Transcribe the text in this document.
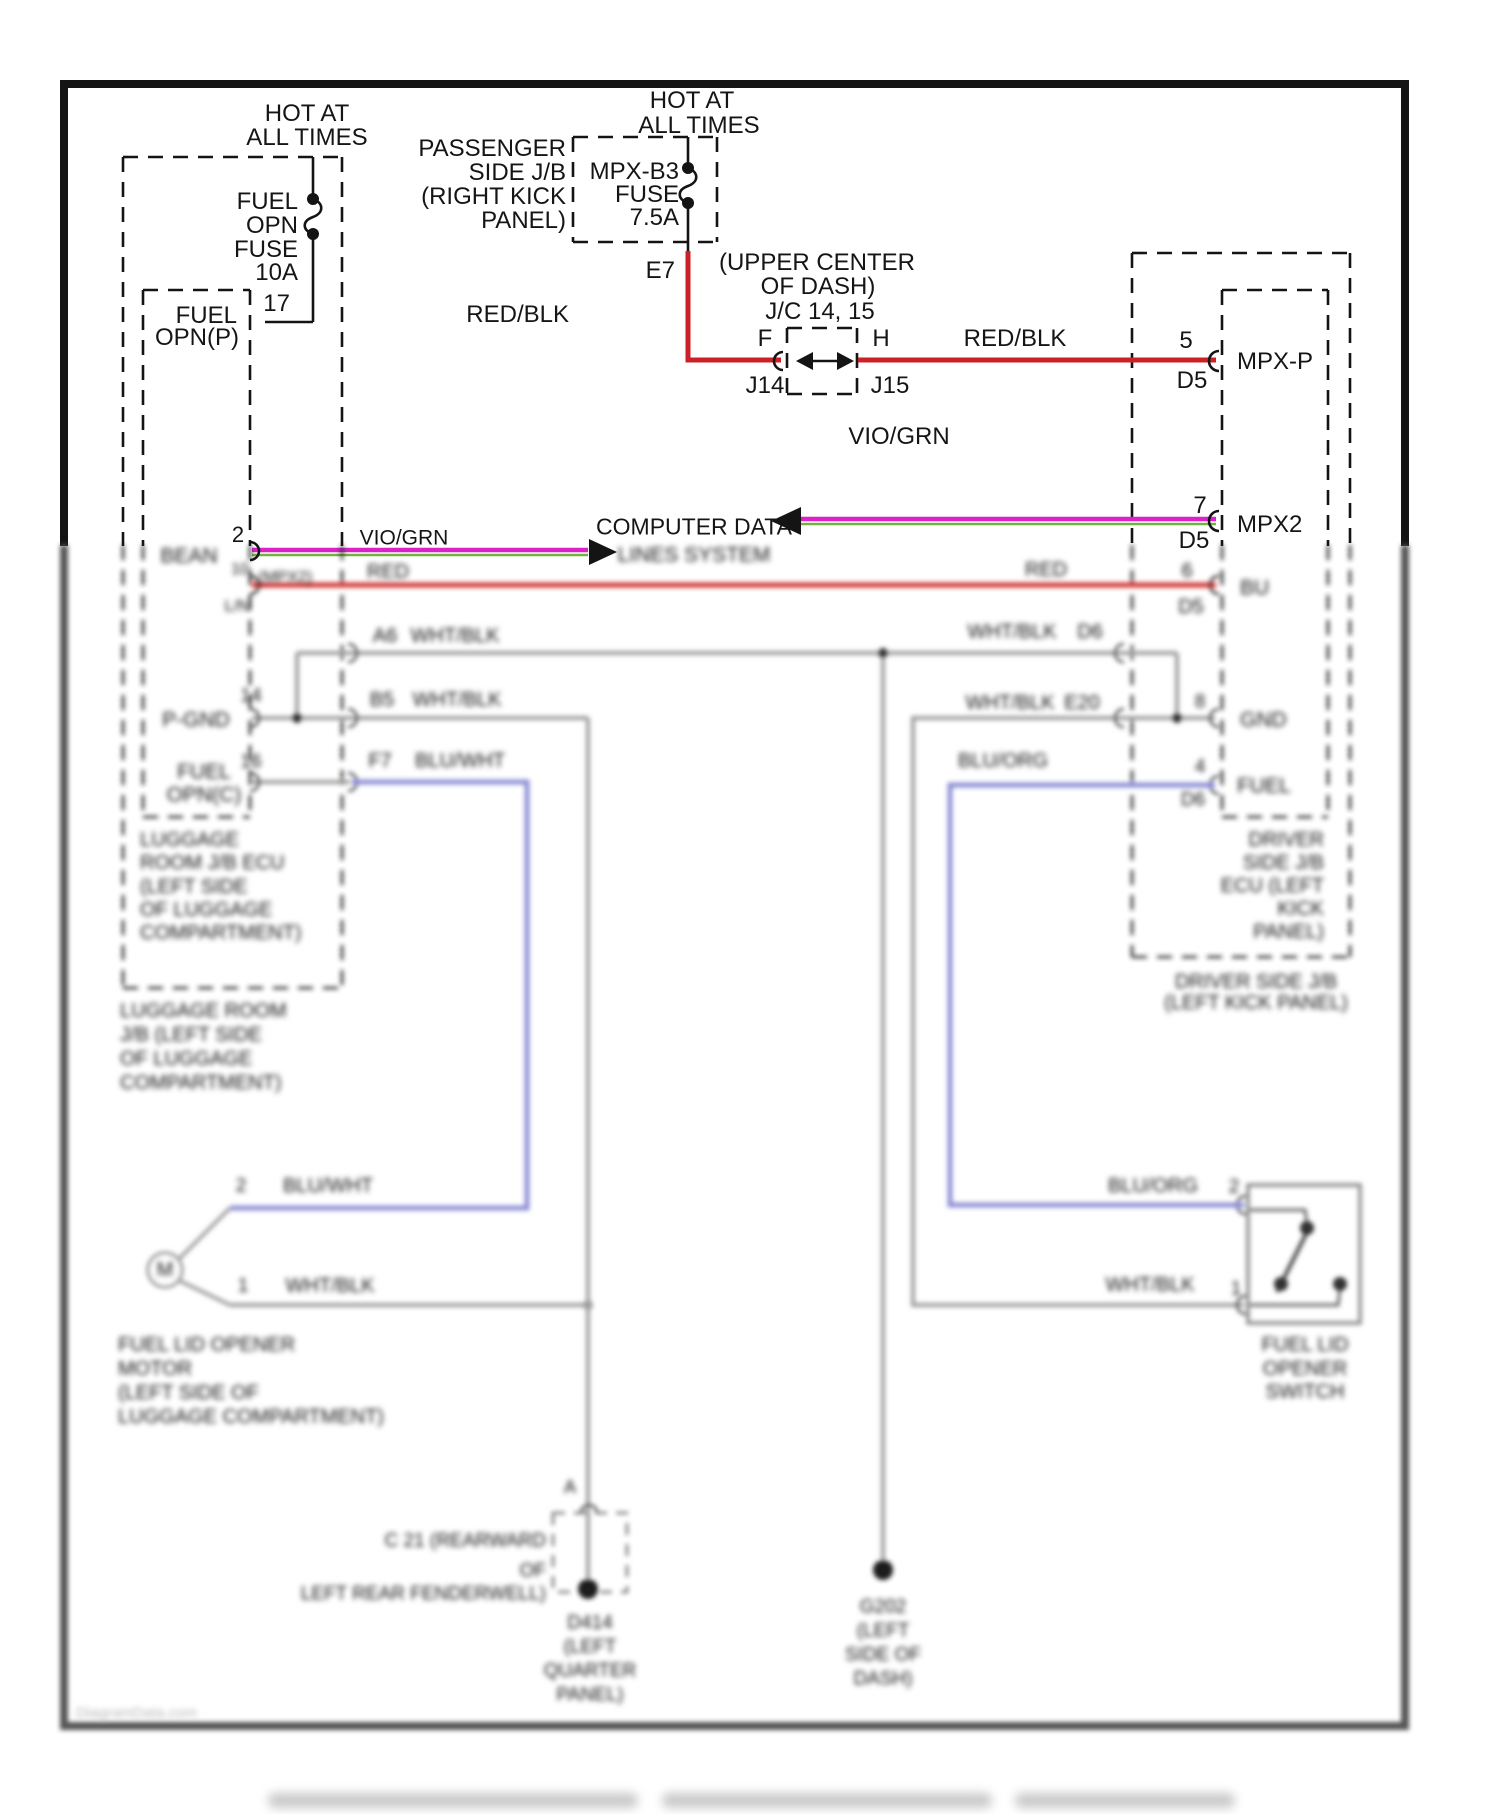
HOT AT
ALL TIMES
FUEL
OPN
FUSE
10A
17
FUEL
OPN(P)
HOT AT
ALL TIMES
PASSENGER
SIDE J/B
(RIGHT KICK
PANEL)
MPX-B3
FUSE
7.5A
E7
RED/BLK
(UPPER CENTER
OF DASH)
J/C 14, 15
F	H
J14	J15
RED/BLK	5
D5
MPX-P
VIO/GRN
7
D5
MPX2
COMPUTER DATA
2	VIO/GRN
BEAN
10 (MPX2)
L/N
LINES SYSTEM
RED	RED	6
D5
BU
A6 WHT/BLK	WHT/BLK D6
B5 WHT/BLK	WHT/BLK E20
14
P-GND
16
FUEL
OPN(C)
F7 BLU/WHT	BLU/ORG
8
GND
4
D6
FUEL
DRIVER
SIDE J/B
ECU (LEFT
KICK
PANEL)
DRIVER SIDE J/B
(LEFT KICK PANEL)
LUGGAGE
ROOM J/B ECU
(LEFT SIDE
OF LUGGAGE
COMPARTMENT)
LUGGAGE ROOM
J/B (LEFT SIDE
OF LUGGAGE
COMPARTMENT)
2 BLU/WHT	BLU/ORG 2
M
1 WHT/BLK	WHT/BLK 1
FUEL LID OPENER
MOTOR
(LEFT SIDE OF
LUGGAGE COMPARTMENT)
FUEL LID
OPENER
SWITCH
C 21 (REARWARD
OF
LEFT REAR FENDERWELL)
A
D414
(LEFT
QUARTER
PANEL)
G202
(LEFT
SIDE OF
DASH)
DiagramData.com
